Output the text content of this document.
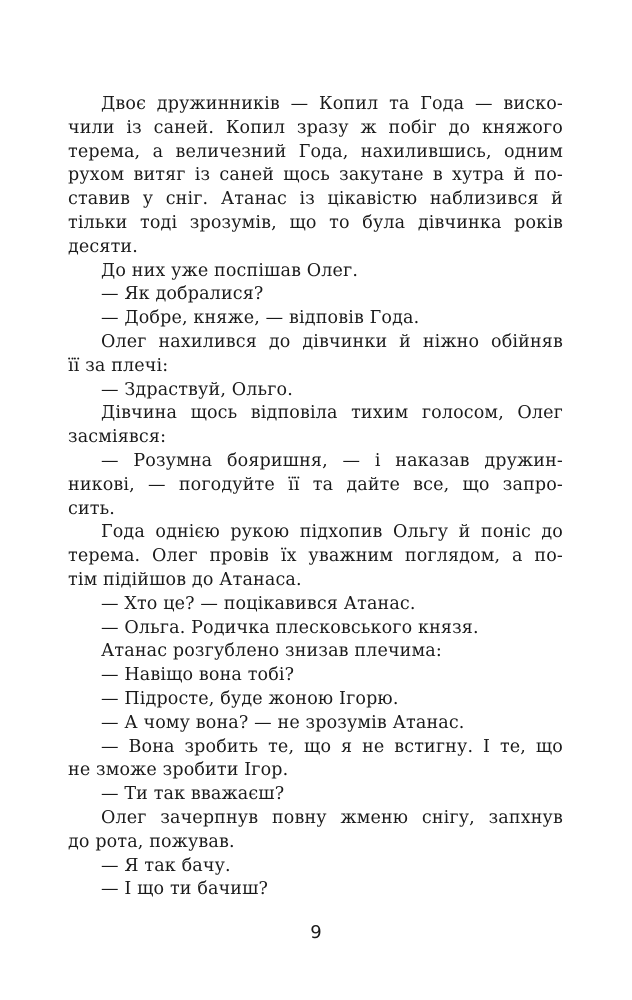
Двоє дружинників — Копил та Года — виско-
чили із саней. Копил зразу ж побіг до княжого
терема, а величезний Года, нахилившись, одним
рухом витяг із саней щось закутане в хутра й по-
ставив у сніг. Атанас із цікавістю наблизився й
тільки тоді зрозумів, що то була дівчинка років
десяти.
До них уже поспішав Олег.
— Як добралися?
— Добре, княже, — відповів Года.
Олег нахилився до дівчинки й ніжно обійняв
її за плечі:
— Здраствуй, Ольго.
Дівчина щось відповіла тихим голосом, Олег
засміявся:
— Розумна бояришня, — і наказав дружин-
никові, — погодуйте її та дайте все, що запро-
сить.
Года однією рукою підхопив Ольгу й поніс до
терема. Олег провів їх уважним поглядом, а по-
тім підійшов до Атанаса.
— Хто це? — поцікавився Атанас.
— Ольга. Родичка плесковського князя.
Атанас розгублено знизав плечима:
— Навіщо вона тобі?
— Підросте, буде жоною Ігорю.
— А чому вона? — не зрозумів Атанас.
— Вона зробить те, що я не встигну. І те, що
не зможе зробити Ігор.
— Ти так вважаєш?
Олег зачерпнув повну жменю снігу, запхнув
до рота, пожував.
— Я так бачу.
— І що ти бачиш?
9
